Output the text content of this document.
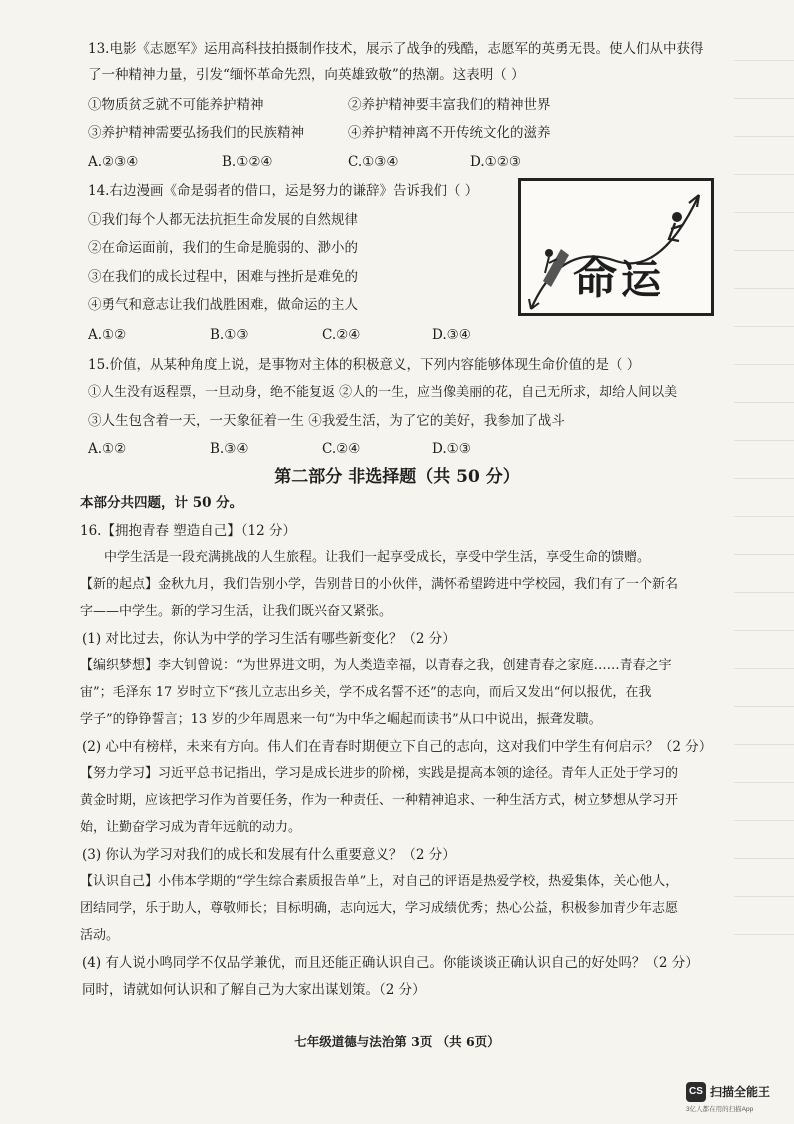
13.电影《志愿军》运用高科技拍摄制作技术，展示了战争的残酷，志愿军的英勇无畏。使人们从中获得
了一种精神力量，引发“缅怀革命先烈，向英雄致敬”的热潮。这表明（ ）
①物质贫乏就不可能养护精神	②养护精神要丰富我们的精神世界
③养护精神需要弘扬我们的民族精神	④养护精神离不开传统文化的滋养
A.②③④	B.①②④	C.①③④	D.①②③
14.右边漫画《命是弱者的借口，运是努力的谦辞》告诉我们（ ）
①我们每个人都无法抗拒生命发展的自然规律
②在命运面前，我们的生命是脆弱的、渺小的
③在我们的成长过程中，困难与挫折是难免的
④勇气和意志让我们战胜困难，做命运的主人
A.①②	B.①③	C.②④	D.③④
命 运
15.价值，从某种角度上说，是事物对主体的积极意义，下列内容能够体现生命价值的是（ ）
①人生没有返程票，一旦动身，绝不能复返 ②人的一生，应当像美丽的花，自己无所求，却给人间以美
③人生包含着一天，一天象征着一生 ④我爱生活，为了它的美好，我参加了战斗
A.①②	B.③④	C.②④	D.①③
第二部分 非选择题（共 50 分）
本部分共四题，计 50 分。
16.【拥抱青春 塑造自己】（12 分）
中学生活是一段充满挑战的人生旅程。让我们一起享受成长，享受中学生活，享受生命的馈赠。
【新的起点】金秋九月，我们告别小学，告别昔日的小伙伴，满怀希望跨进中学校园，我们有了一个新名
字——中学生。新的学习生活，让我们既兴奋又紧张。
(1) 对比过去，你认为中学的学习生活有哪些新变化？（2 分）
【编织梦想】李大钊曾说：“为世界进文明，为人类造幸福，以青春之我，创建青春之家庭……青春之宇
宙”；毛泽东 17 岁时立下“孩儿立志出乡关，学不成名誓不还”的志向，而后又发出“何以报优，在我
学子”的铮铮誓言；13 岁的少年周恩来一句“为中华之崛起而读书”从口中说出，振聋发聩。
(2) 心中有榜样，未来有方向。伟人们在青春时期便立下自己的志向，这对我们中学生有何启示？（2 分）
【努力学习】习近平总书记指出，学习是成长进步的阶梯，实践是提高本领的途径。青年人正处于学习的
黄金时期，应该把学习作为首要任务，作为一种责任、一种精神追求、一种生活方式，树立梦想从学习开
始，让勤奋学习成为青年远航的动力。
(3) 你认为学习对我们的成长和发展有什么重要意义？（2 分）
【认识自己】小伟本学期的“学生综合素质报告单”上，对自己的评语是热爱学校，热爱集体，关心他人，
团结同学，乐于助人，尊敬师长；目标明确，志向远大，学习成绩优秀；热心公益，积极参加青少年志愿
活动。
(4) 有人说小鸣同学不仅品学兼优，而且还能正确认识自己。你能谈谈正确认识自己的好处吗？（2 分）
同时，请就如何认识和了解自己为大家出谋划策。（2 分）
七年级道德与法治第 3页 （共 6页）
CS 扫描全能王
3亿人都在用的扫描App
